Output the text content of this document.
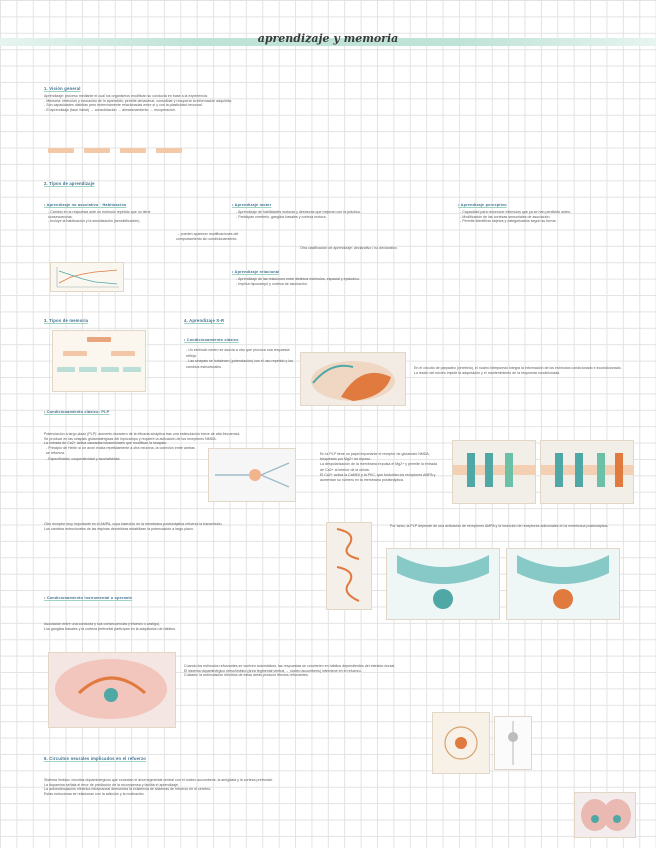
aprendizaje y memoria
1. Visión general
Aprendizaje: proceso mediante el cual los organismos modifican su conducta en base a la experiencia.
- Memoria: retención y evocación de lo aprendido; permite almacenar, consolidar y recuperar la información adquirida.
- Son capacidades distintas pero estrechamente relacionadas entre sí y con la plasticidad neuronal.
- El aprendizaje (fase inicial) → consolidación → almacenamiento → recuperación.
2. Tipos de aprendizaje
• Aprendizaje no asociativo · Habituación
- Cambio en la respuesta ante un estímulo repetido que no tiene consecuencias.
- Incluye la habituación y la sensitización (sensibilización).
→ pueden aparecer modificaciones del comportamiento sin condicionamiento.
• Aprendizaje motor
- Aprendizaje de habilidades motoras y destrezas que mejoran con la práctica.
- Participan cerebelo, ganglios basales y corteza motora.
Otra clasificación de aprendizaje: declarativo / no declarativo.
• Aprendizaje perceptivo
- Capacidad para reconocer estímulos que ya se han percibido antes.
- Modificación de las cortezas sensoriales de asociación.
- Permite identificar objetos y categorizarlos según su forma.
• Aprendizaje relacional
- Aprendizaje de las relaciones entre distintos estímulos, espacial y episódico.
- Implica hipocampo y corteza de asociación.
3. Tipos de memoria	4. Aprendizaje S-R
• Condicionamiento clásico
- Un estímulo neutro se asocia a otro que provoca una respuesta refleja.
- Las sinapsis se fortalecen (potenciación) con el uso repetido y los cambios estructurales.	En el circuito de parpadeo (cerebelo), el núcleo interpuesto integra la información de los estímulos condicionado e incondicionado.
La lesión del núcleo impide la adquisición y el mantenimiento de la respuesta condicionada.
• Condicionamiento clásico: PLP
Potenciación a largo plazo (PLP): aumento duradero de la eficacia sináptica tras una estimulación breve de alta frecuencia.
Se produce en las sinapsis glutamatérgicas del hipocampo y requiere la activación de los receptores NMDA.
La entrada de Ca2+ activa cascadas intracelulares que modifican la sinapsis.
- Principio de Hebb: si un axón excita repetidamente a otra neurona, la conexión entre ambas se refuerza.
- Especificidad, cooperatividad y asociatividad.
En la PLP tiene un papel importante el receptor de glutamato NMDA, bloqueado por Mg2+ en reposo.
La despolarización de la membrana expulsa el Mg2+ y permite la entrada de Ca2+ al interior de la célula.
El Ca2+ activa la CaMKII y la PKC, que fosforilan los receptores AMPA y aumentan su número en la membrana postsináptica.
Otro receptor muy importante es el AMPA, cuya inserción en la membrana postsináptica refuerza la transmisión.
Los cambios estructurales de las espinas dendríticas estabilizan la potenciación a largo plazo.
Por tanto, la PLP depende de una activación de receptores AMPA y la inserción de receptores adicionales en la membrana postsináptica.
• Condicionamiento instrumental u operante
Asociación entre una conducta y sus consecuencias (refuerzo o castigo).
Los ganglios basales y la corteza prefrontal participan en la adquisición de hábitos.
Cuando los estímulos reforzantes se vuelven automáticos, las respuestas se convierten en hábitos dependientes del estriado dorsal.
El sistema dopaminérgico mesolímbico (área tegmental ventral → núcleo accumbens) interviene en el refuerzo.
Cuidado: la estimulación eléctrica de estas áreas produce efectos reforzantes.
5. Circuitos neurales implicados en el refuerzo
Sistema límbico: circuitos dopaminérgicos que conectan el área tegmental ventral con el núcleo accumbens, la amígdala y la corteza prefrontal.
La dopamina señala el error de predicción de la recompensa y facilita el aprendizaje.
La autoestimulación eléctrica intracraneal demuestra la existencia de sistemas de refuerzo en el cerebro.
Estas estructuras se relacionan con la adicción y la motivación.
